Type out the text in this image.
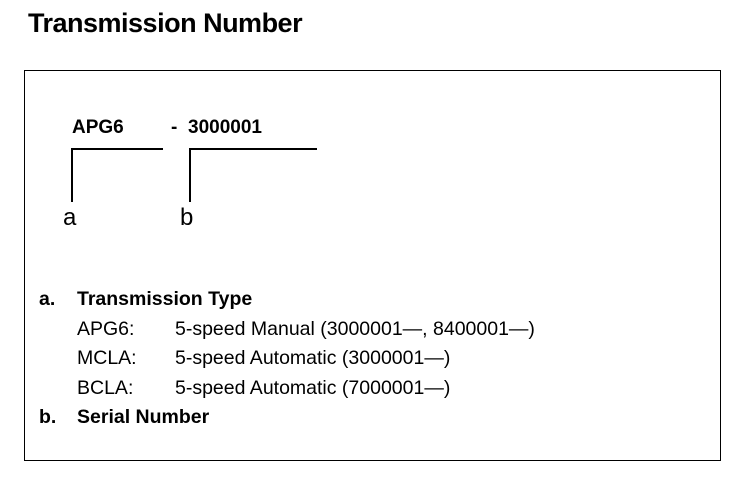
Transmission Number
APG6 - 3000001
a	b
a.	Transmission Type
APG6:	5-speed Manual (3000001—, 8400001—)
MCLA:	5-speed Automatic (3000001—)
BCLA:	5-speed Automatic (7000001—)
b.	Serial Number
